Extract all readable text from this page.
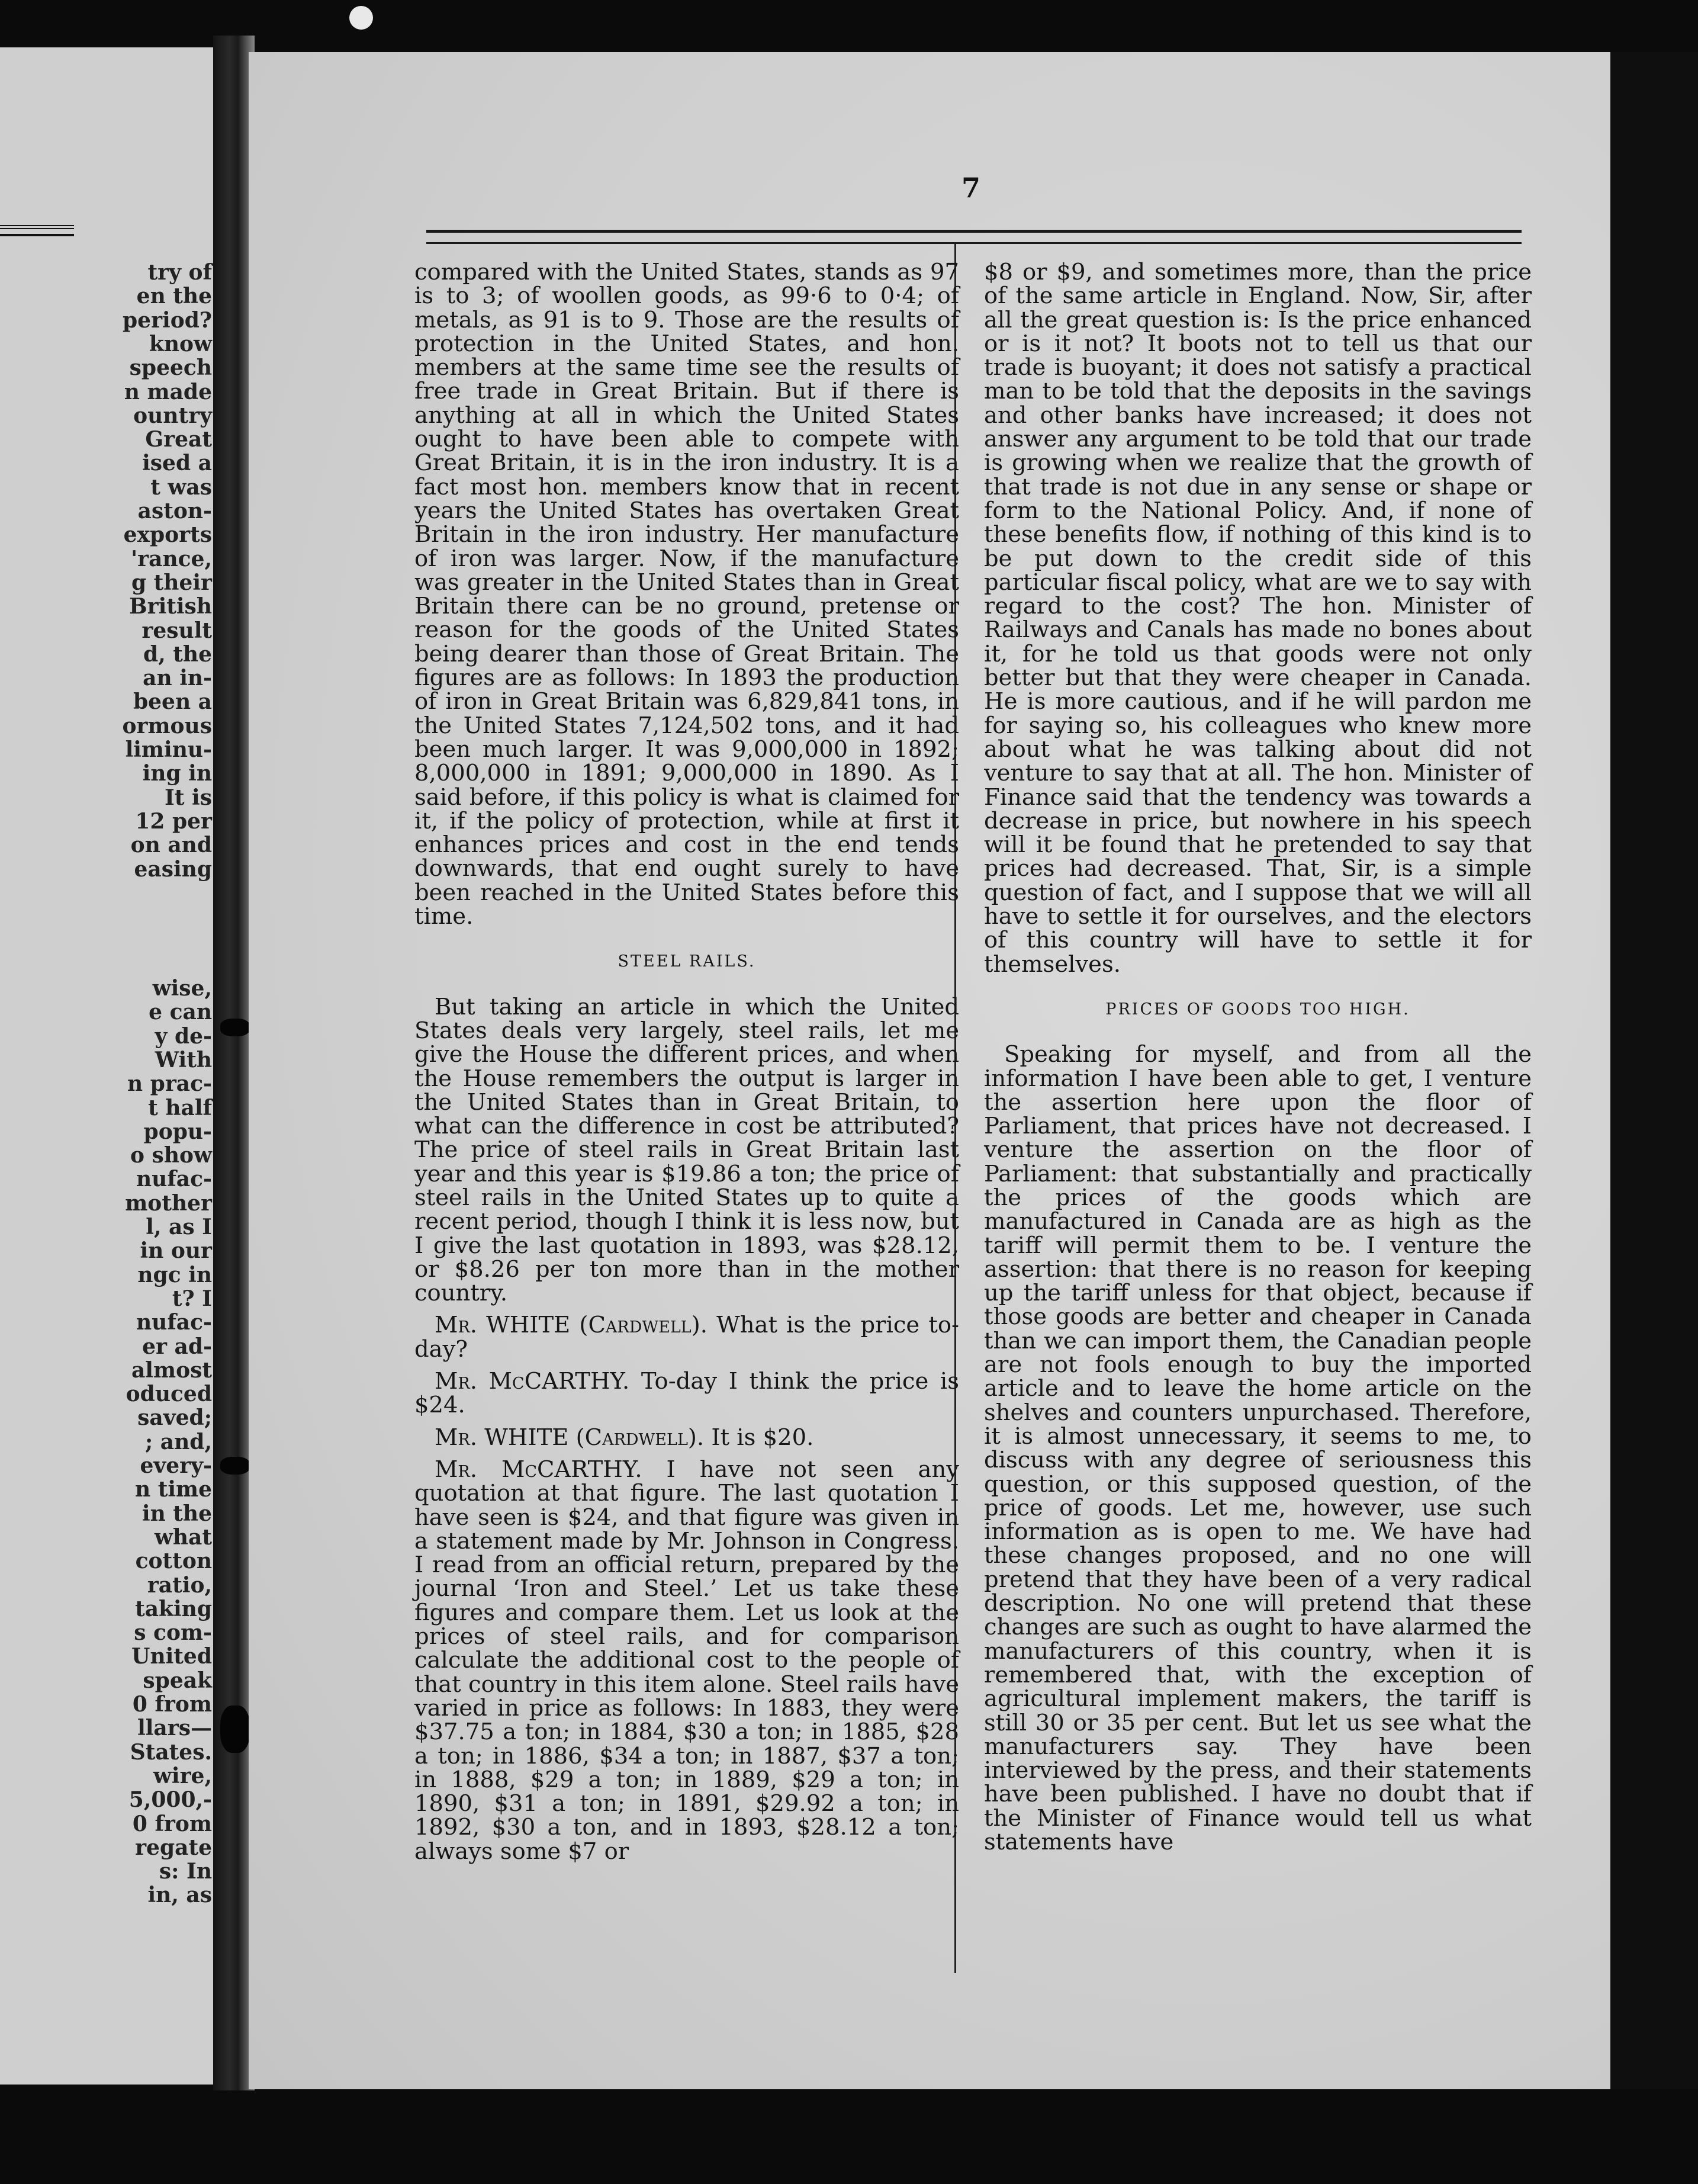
try of
en the
period?
know
speech
n made
ountry
Great
ised a
t was
aston-
exports
'rance,
g their
British
result
d, the
an in-
been a
ormous
liminu-
ing in
It is
12 per
on and
easing
wise,
e can
y de-
With
n prac-
t half
popu-
o show
nufac-
mother
l, as I
in our
ngc in
t? I
nufac-
er ad-
almost
oduced
saved;
; and,
every-
n time
in the
what
cotton
ratio,
taking
s com-
United
speak
0 from
llars—
States.
wire,
5,000,-
0 from
regate
s: In
in, as
7

compared with the United States, stands as 97 is to 3; of woollen goods, as 99·6 to 0·4; of metals, as 91 is to 9. Those are the results of protection in the United States, and hon. members at the same time see the results of free trade in Great Britain. But if there is anything at all in which the United States ought to have been able to compete with Great Britain, it is in the iron industry. It is a fact most hon. members know that in recent years the United States has overtaken Great Britain in the iron industry. Her manufacture of iron was larger. Now, if the manufacture was greater in the United States than in Great Britain there can be no ground, pretense or reason for the goods of the United States being dearer than those of Great Britain. The figures are as follows: In 1893 the production of iron in Great Britain was 6,829,841 tons, in the United States 7,124,502 tons, and it had been much larger. It was 9,000,000 in 1892; 8,000,000 in 1891; 9,000,000 in 1890. As I said before, if this policy is what is claimed for it, if the policy of protection, while at first it enhances prices and cost in the end tends downwards, that end ought surely to have been reached in the United States before this time.

STEEL RAILS.

But taking an article in which the United States deals very largely, steel rails, let me give the House the different prices, and when the House remembers the output is larger in the United States than in Great Britain, to what can the difference in cost be attributed? The price of steel rails in Great Britain last year and this year is $19.86 a ton; the price of steel rails in the United States up to quite a recent period, though I think it is less now, but I give the last quotation in 1893, was $28.12, or $8.26 per ton more than in the mother country.

Mr. WHITE (Cardwell). What is the price to-day?

Mr. McCARTHY. To-day I think the price is $24.

Mr. WHITE (Cardwell). It is $20.

Mr. McCARTHY. I have not seen any quotation at that figure. The last quotation I have seen is $24, and that figure was given in a statement made by Mr. Johnson in Congress. I read from an official return, prepared by the journal ‘Iron and Steel.’ Let us take these figures and compare them. Let us look at the prices of steel rails, and for comparison calculate the additional cost to the people of that country in this item alone. Steel rails have varied in price as follows: In 1883, they were $37.75 a ton; in 1884, $30 a ton; in 1885, $28 a ton; in 1886, $34 a ton; in 1887, $37 a ton; in 1888, $29 a ton; in 1889, $29 a ton; in 1890, $31 a ton; in 1891, $29.92 a ton; in 1892, $30 a ton, and in 1893, $28.12 a ton; always some $7 or

$8 or $9, and sometimes more, than the price of the same article in England. Now, Sir, after all the great question is: Is the price enhanced or is it not? It boots not to tell us that our trade is buoyant; it does not satisfy a practical man to be told that the deposits in the savings and other banks have increased; it does not answer any argument to be told that our trade is growing when we realize that the growth of that trade is not due in any sense or shape or form to the National Policy. And, if none of these benefits flow, if nothing of this kind is to be put down to the credit side of this particular fiscal policy, what are we to say with regard to the cost? The hon. Minister of Railways and Canals has made no bones about it, for he told us that goods were not only better but that they were cheaper in Canada. He is more cautious, and if he will pardon me for saying so, his colleagues who knew more about what he was talking about did not venture to say that at all. The hon. Minister of Finance said that the tendency was towards a decrease in price, but nowhere in his speech will it be found that he pretended to say that prices had decreased. That, Sir, is a simple question of fact, and I suppose that we will all have to settle it for ourselves, and the electors of this country will have to settle it for themselves.

PRICES OF GOODS TOO HIGH.

Speaking for myself, and from all the information I have been able to get, I venture the assertion here upon the floor of Parliament, that prices have not decreased. I venture the assertion on the floor of Parliament: that substantially and practically the prices of the goods which are manufactured in Canada are as high as the tariff will permit them to be. I venture the assertion: that there is no reason for keeping up the tariff unless for that object, because if those goods are better and cheaper in Canada than we can import them, the Canadian people are not fools enough to buy the imported article and to leave the home article on the shelves and counters unpurchased. Therefore, it is almost unnecessary, it seems to me, to discuss with any degree of seriousness this question, or this supposed question, of the price of goods. Let me, however, use such information as is open to me. We have had these changes proposed, and no one will pretend that they have been of a very radical description. No one will pretend that these changes are such as ought to have alarmed the manufacturers of this country, when it is remembered that, with the exception of agricultural implement makers, the tariff is still 30 or 35 per cent. But let us see what the manufacturers say. They have been interviewed by the press, and their statements have been published. I have no doubt that if the Minister of Finance would tell us what statements have
